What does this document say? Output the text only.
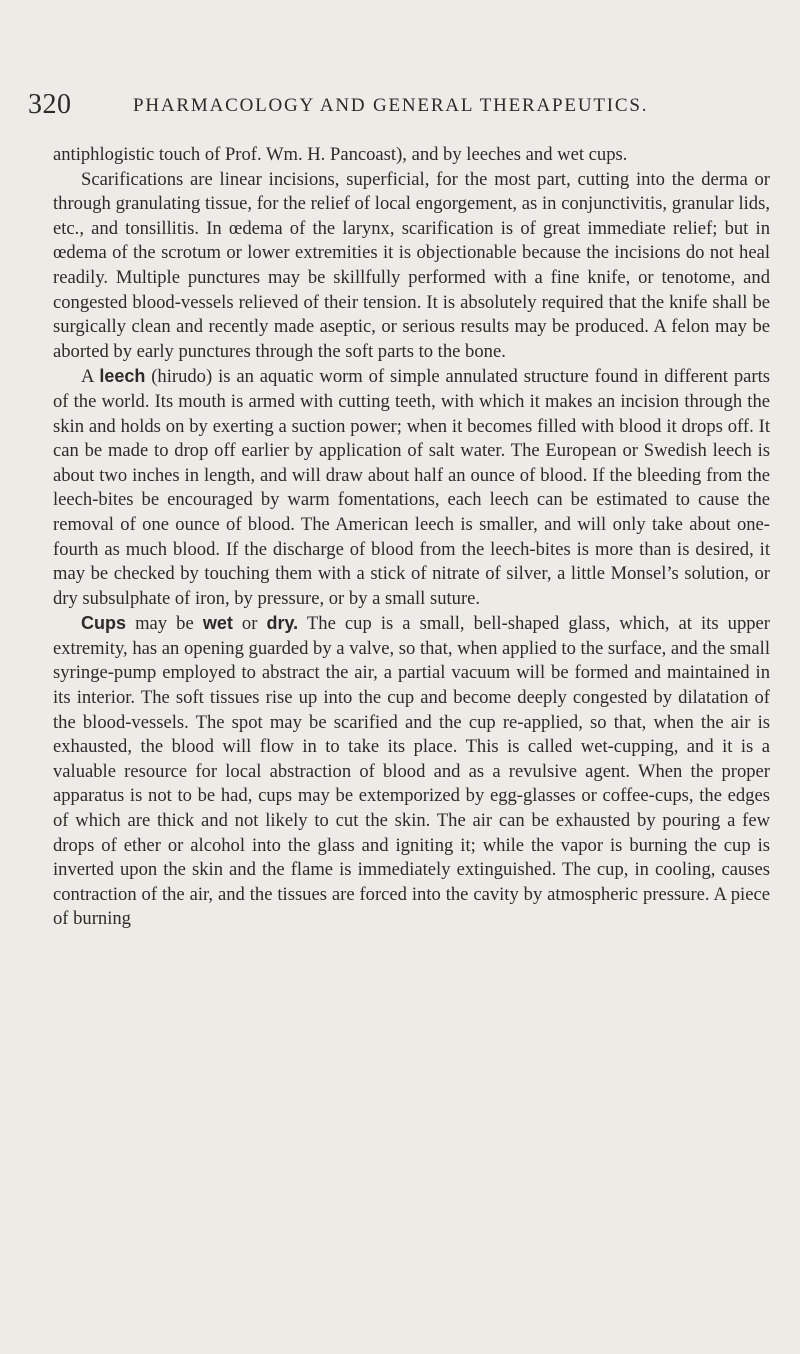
320	PHARMACOLOGY AND GENERAL THERAPEUTICS.

antiphlogistic touch of Prof. Wm. H. Pancoast), and by leeches and wet cups.

Scarifications are linear incisions, superficial, for the most part, cutting into the derma or through granulating tissue, for the relief of local engorgement, as in conjunctivitis, granular lids, etc., and tonsillitis. In œdema of the larynx, scarification is of great immediate relief; but in œdema of the scrotum or lower extremities it is objectionable because the incisions do not heal readily. Multiple punctures may be skillfully performed with a fine knife, or tenotome, and congested blood-vessels relieved of their tension. It is absolutely required that the knife shall be surgically clean and recently made aseptic, or serious results may be produced. A felon may be aborted by early punctures through the soft parts to the bone.

A leech (hirudo) is an aquatic worm of simple annulated structure found in different parts of the world. Its mouth is armed with cutting teeth, with which it makes an incision through the skin and holds on by exerting a suction power; when it becomes filled with blood it drops off. It can be made to drop off earlier by application of salt water. The European or Swedish leech is about two inches in length, and will draw about half an ounce of blood. If the bleeding from the leech-bites be encouraged by warm fomentations, each leech can be estimated to cause the removal of one ounce of blood. The American leech is smaller, and will only take about one-fourth as much blood. If the discharge of blood from the leech-bites is more than is desired, it may be checked by touching them with a stick of nitrate of silver, a little Monsel’s solution, or dry subsulphate of iron, by pressure, or by a small suture.

Cups may be wet or dry. The cup is a small, bell-shaped glass, which, at its upper extremity, has an opening guarded by a valve, so that, when applied to the surface, and the small syringe-pump employed to abstract the air, a partial vacuum will be formed and maintained in its interior. The soft tissues rise up into the cup and become deeply congested by dilatation of the blood-vessels. The spot may be scarified and the cup re-applied, so that, when the air is exhausted, the blood will flow in to take its place. This is called wet-cupping, and it is a valuable resource for local abstraction of blood and as a revulsive agent. When the proper apparatus is not to be had, cups may be extemporized by egg-glasses or coffee-cups, the edges of which are thick and not likely to cut the skin. The air can be exhausted by pouring a few drops of ether or alcohol into the glass and igniting it; while the vapor is burning the cup is inverted upon the skin and the flame is immediately extinguished. The cup, in cooling, causes contraction of the air, and the tissues are forced into the cavity by atmospheric pressure. A piece of burning
